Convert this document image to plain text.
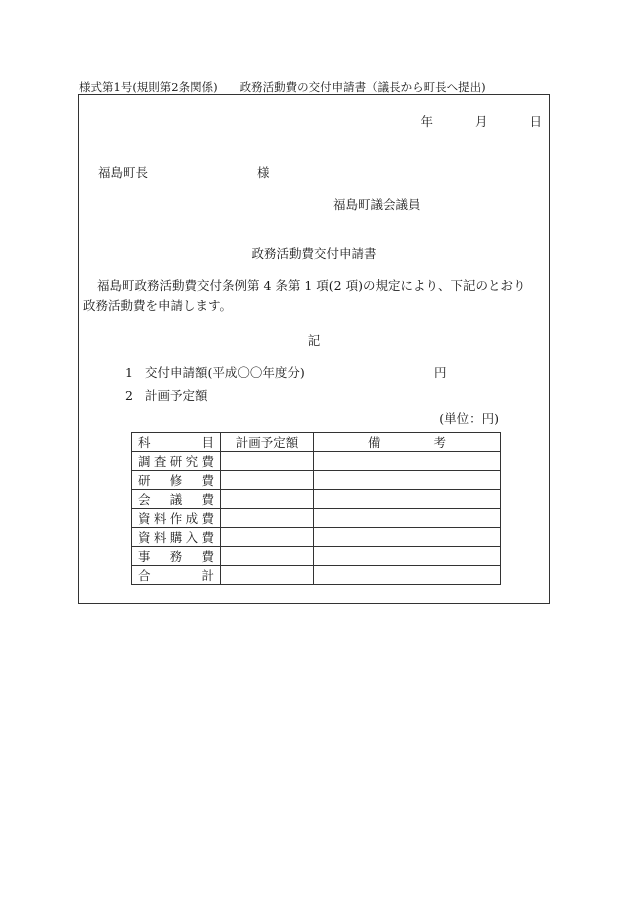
様式第1号(規則第2条関係) 政務活動費の交付申請書（議長から町長へ提出)
年	月	日
福島町長	様
福島町議会議員
政務活動費交付申請書
福島町政務活動費交付条例第 4 条第 1 項(2 項)の規定により、下記のとおり
政務活動費を申請します。
記
1 交付申請額(平成〇〇年度分)	円
2 計画予定額
(単位：円)
科 目	計画予定額	備 考

調 査 研 究 費		

研 修 費		

会 議 費		

資 料 作 成 費		

資 料 購 入 費		

事 務 費		

合 計		
